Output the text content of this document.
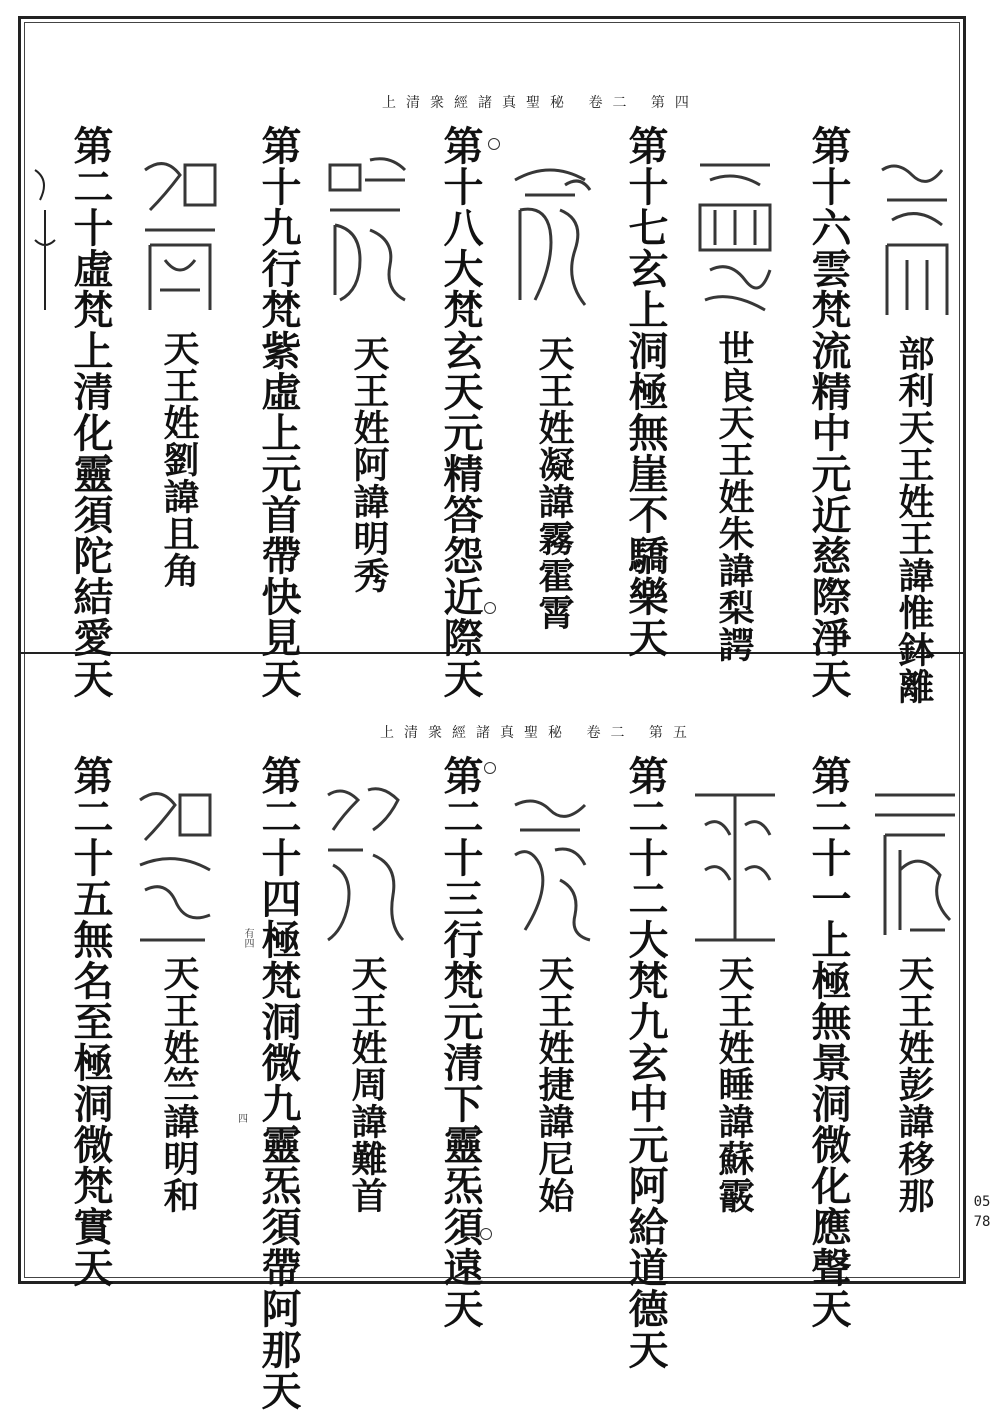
0578
上清衆經諸真聖秘 卷二 第四
部利天王姓王諱惟鉢離
第十六雲梵流精中元近慈際淨天
世良天王姓朱諱梨諤
第十七玄上洞極無崖不驕樂天
天王姓凝諱霧霍霄
第十八大梵玄天元精答怨近際天
天王姓阿諱明秀
第十九行梵紫虛上元首帶快見天
天王姓劉諱且角
第二十虛梵上清化靈須陀結愛天
上清衆經諸真聖秘 卷二 第五
天王姓彭諱移那
第二十一上極無景洞微化應聲天
天王姓睡諱蘇霰
第二十二大梵九玄中元阿給道德天
天王姓捷諱尼始
第二十三行梵元清下靈炁須遠天
天王姓周諱難首
第二十四極梵洞微九靈炁須帶阿那天
有四
四
天王姓竺諱明和
第二十五無名至極洞微梵實天
